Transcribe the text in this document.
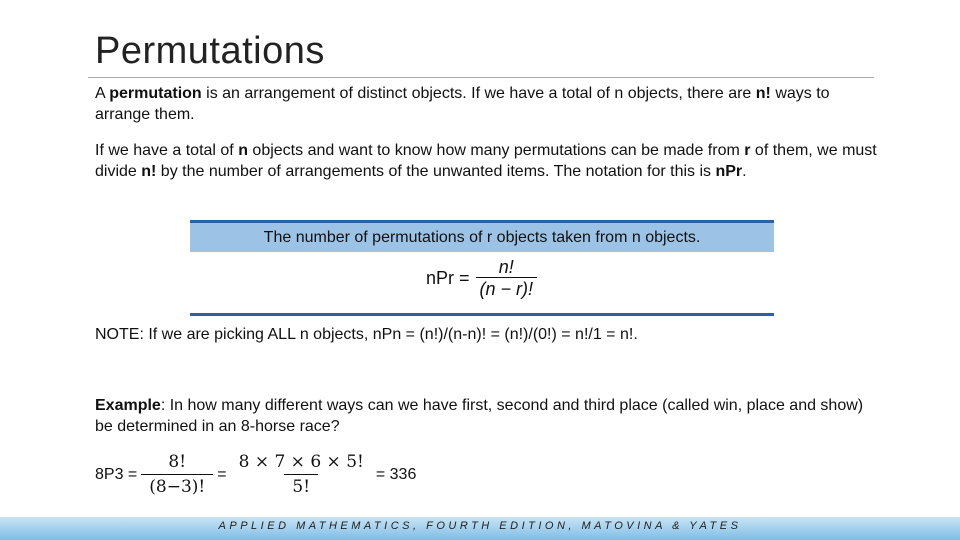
Permutations
A permutation is an arrangement of distinct objects. If we have a total of n objects, there are n! ways to arrange them.
If we have a total of n objects and want to know how many permutations can be made from r of them, we must divide n! by the number of arrangements of the unwanted items. The notation for this is nPr.
The number of permutations of r objects taken from n objects.
nPr = $\frac{n!}{(n - r)!}$
NOTE: If we are picking ALL n objects, nPn = (n!)/(n-n)! = (n!)/(0!) = n!/1 = n!.
Example: In how many different ways can we have first, second and third place (called win, place and show) be determined in an 8-horse race?
$8P3 = \frac{8!}{(8-3)!} = \frac{8 \times 7 \times 6 \times 5!}{5!} = 336$
APPLIED MATHEMATICS, FOURTH EDITION, MATOVINA & YATES
